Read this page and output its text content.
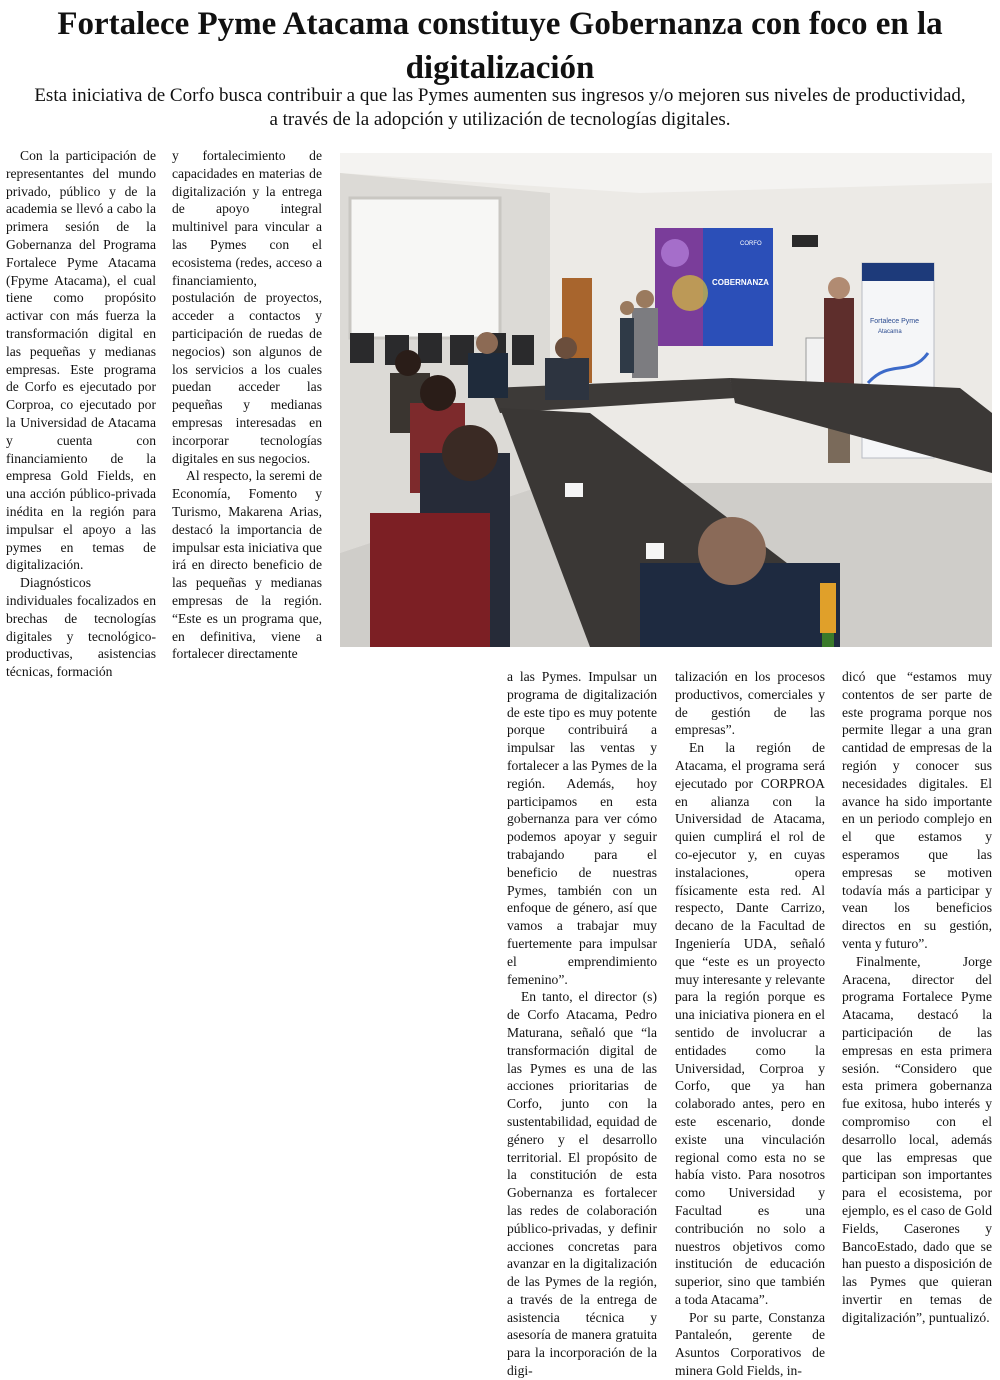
Fortalece Pyme Atacama constituye Gobernanza con foco en la digitalización

Esta iniciativa de Corfo busca contribuir a que las Pymes aumenten sus ingresos y/o mejoren sus niveles de productividad, a través de la adopción y utilización de tecnologías digitales.

Con la participación de representantes del mundo privado, público y de la academia se llevó a cabo la primera sesión de la Gobernanza del Programa Fortalece Pyme Atacama (Fpyme Atacama), el cual tiene como propósito activar con más fuerza la transformación digital en las pequeñas y medianas empresas. Este programa de Corfo es ejecutado por Corproa, co ejecutado por la Universidad de Atacama y cuenta con financiamiento de la empresa Gold Fields, en una acción público-privada inédita en la región para impulsar el apoyo a las pymes en temas de digitalización.

Diagnósticos individuales focalizados en brechas de tecnologías digitales y tecnológico-productivas, asistencias técnicas, formación

y fortalecimiento de capacidades en materias de digitalización y la entrega de apoyo integral multinivel para vincular a las Pymes con el ecosistema (redes, acceso a financiamiento, postulación de proyectos, acceder a contactos y participación de ruedas de negocios) son algunos de los servicios a los cuales puedan acceder las pequeñas y medianas empresas interesadas en incorporar tecnologías digitales en sus negocios.

Al respecto, la seremi de Economía, Fomento y Turismo, Makarena Arias, destacó la importancia de impulsar esta iniciativa que irá en directo beneficio de las pequeñas y medianas empresas de la región. “Este es un programa que, en definitiva, viene a fortalecer directamente

COBERNANZA
CORFO
Fortalece Pyme
Atacama

a las Pymes. Impulsar un programa de digitalización de este tipo es muy potente porque contribuirá a impulsar las ventas y fortalecer a las Pymes de la región. Además, hoy participamos en esta gobernanza para ver cómo podemos apoyar y seguir trabajando para el beneficio de nuestras Pymes, también con un enfoque de género, así que vamos a trabajar muy fuertemente para impulsar el emprendimiento femenino”.

En tanto, el director (s) de Corfo Atacama, Pedro Maturana, señaló que “la transformación digital de las Pymes es una de las acciones prioritarias de Corfo, junto con la sustentabilidad, equidad de género y el desarrollo territorial. El propósito de la constitución de esta Gobernanza es fortalecer las redes de colaboración público-privadas, y definir acciones concretas para avanzar en la digitalización de las Pymes de la región, a través de la entrega de asistencia técnica y asesoría de manera gratuita para la incorporación de la digi-

talización en los procesos productivos, comerciales y de gestión de las empresas”.

En la región de Atacama, el programa será ejecutado por CORPROA en alianza con la Universidad de Atacama, quien cumplirá el rol de co-ejecutor y, en cuyas instalaciones, opera físicamente esta red. Al respecto, Dante Carrizo, decano de la Facultad de Ingeniería UDA, señaló que “este es un proyecto muy interesante y relevante para la región porque es una iniciativa pionera en el sentido de involucrar a entidades como la Universidad, Corproa y Corfo, que ya han colaborado antes, pero en este escenario, donde existe una vinculación regional como esta no se había visto. Para nosotros como Universidad y Facultad es una contribución no solo a nuestros objetivos como institución de educación superior, sino que también a toda Atacama”.

Por su parte, Constanza Pantaleón, gerente de Asuntos Corporativos de minera Gold Fields, in-

dicó que “estamos muy contentos de ser parte de este programa porque nos permite llegar a una gran cantidad de empresas de la región y conocer sus necesidades digitales. El avance ha sido importante en un periodo complejo en el que estamos y esperamos que las empresas se motiven todavía más a participar y vean los beneficios directos en su gestión, venta y futuro”.

Finalmente, Jorge Aracena, director del programa Fortalece Pyme Atacama, destacó la participación de las empresas en esta primera sesión. “Considero que esta primera gobernanza fue exitosa, hubo interés y compromiso con el desarrollo local, además que las empresas que participan son importantes para el ecosistema, por ejemplo, es el caso de Gold Fields, Caserones y BancoEstado, dado que se han puesto a disposición de las Pymes que quieran invertir en temas de digitalización”, puntualizó.
